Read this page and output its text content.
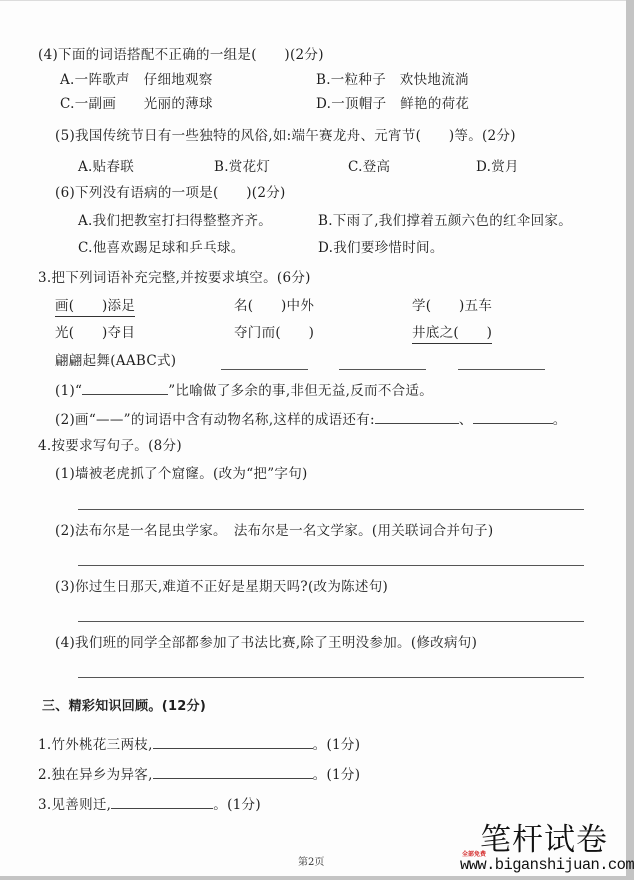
(4)下面的词语搭配不正确的一组是(　　)(2分)
A.一阵歌声　仔细地观察	B.一粒种子　欢快地流淌
C.一副画　　光丽的薄球	D.一顶帽子　鲜艳的荷花
(5)我国传统节日有一些独特的风俗,如:端午赛龙舟、元宵节(　　)等。(2分)
A.贴春联	B.赏花灯	C.登高	D.赏月
(6)下列没有语病的一项是(　　)(2分)
A.我们把教室打扫得整整齐齐。	B.下雨了,我们撑着五颜六色的红伞回家。
C.他喜欢踢足球和乒乓球。	D.我们要珍惜时间。
3.把下列词语补充完整,并按要求填空。(6分)
画(　　)添足	名(　　)中外	学(　　)五车
光(　　)夺目	夺门而(　　)	井底之(　　)
翩翩起舞(AABC式)
(1)“	”比喻做了多余的事,非但无益,反而不合适。
(2)画“——”的词语中含有动物名称,这样的成语还有:	、	。
4.按要求写句子。(8分)
(1)墙被老虎抓了个窟窿。(改为“把”字句)
(2)法布尔是一名昆虫学家。　法布尔是一名文学家。(用关联词合并句子)
(3)你过生日那天,难道不正好是星期天吗?(改为陈述句)
(4)我们班的同学全部都参加了书法比赛,除了王明没参加。(修改病句)
三、精彩知识回顾。(12分)
1.竹外桃花三两枝,	。(1分)
2.独在异乡为异客,	。(1分)
3.见善则迁,	。(1分)
第2页
笔杆试卷
全部免费
www.biganshijuan.com
